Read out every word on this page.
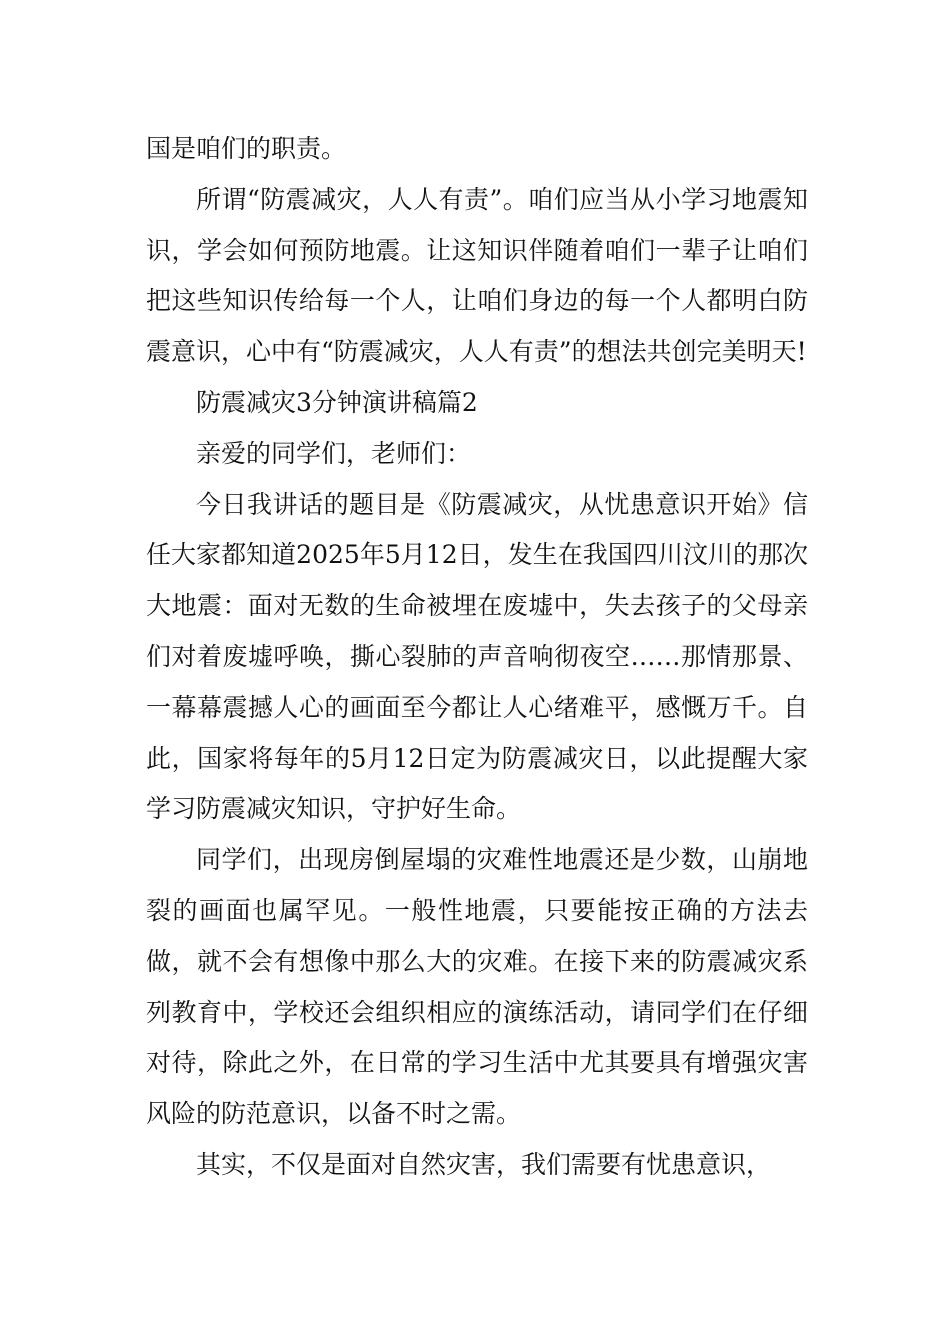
国是咱们的职责。

所谓“防震减灾，人人有责”。咱们应当从小学习地震知识，学会如何预防地震。让这知识伴随着咱们一辈子让咱们把这些知识传给每一个人，让咱们身边的每一个人都明白防震意识，心中有“防震减灾，人人有责”的想法共创完美明天!

防震减灾3分钟演讲稿篇2

亲爱的同学们，老师们：

今日我讲话的题目是《防震减灾，从忧患意识开始》信任大家都知道2025年5月12日，发生在我国四川汶川的那次大地震：面对无数的生命被埋在废墟中，失去孩子的父母亲们对着废墟呼唤，撕心裂肺的声音响彻夜空……那情那景、一幕幕震撼人心的画面至今都让人心绪难平，感慨万千。自此，国家将每年的5月12日定为防震减灾日，以此提醒大家学习防震减灾知识，守护好生命。

同学们，出现房倒屋塌的灾难性地震还是少数，山崩地裂的画面也属罕见。一般性地震，只要能按正确的方法去做，就不会有想像中那么大的灾难。在接下来的防震减灾系列教育中，学校还会组织相应的演练活动，请同学们在仔细对待，除此之外，在日常的学习生活中尤其要具有增强灾害风险的防范意识，以备不时之需。

其实，不仅是面对自然灾害，我们需要有忧患意识，
